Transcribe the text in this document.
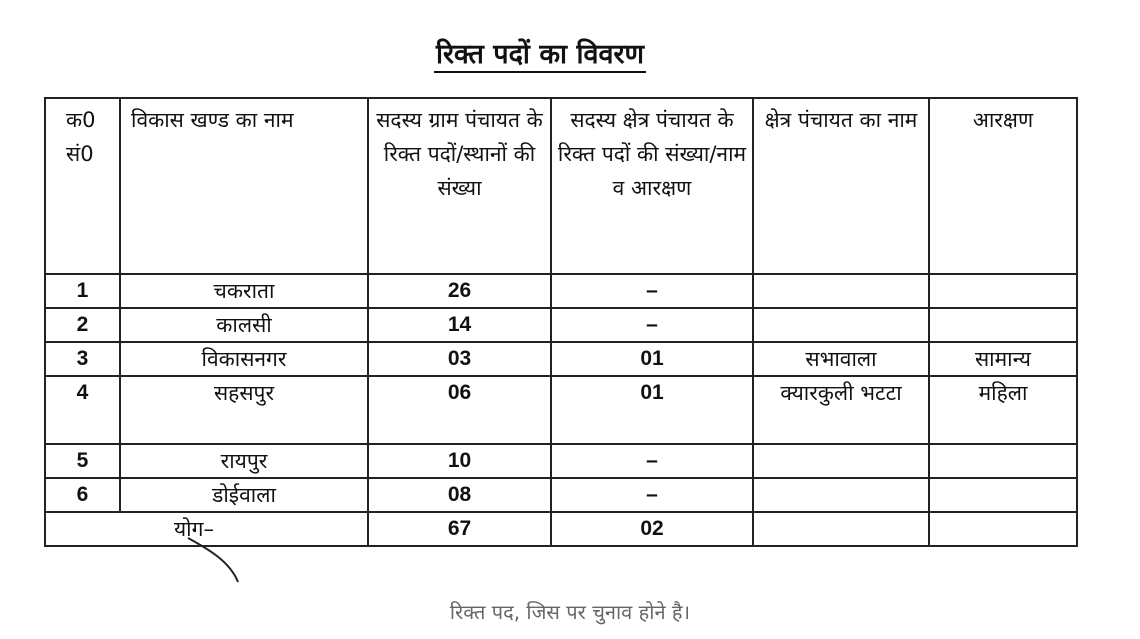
रिक्त पदों का विवरण
क0 सं0	विकास खण्ड का नाम	सदस्य ग्राम पंचायत के रिक्त पदों/स्थानों की संख्या	सदस्य क्षेत्र पंचायत के रिक्त पदों की संख्या/नाम व आरक्षण	क्षेत्र पंचायत का नाम	आरक्षण
1	चकराता	26	–		
2	कालसी	14	–		
3	विकासनगर	03	01	सभावाला	सामान्य
4	सहसपुर	06	01	क्यारकुली भटटा	महिला
5	रायपुर	10	–		
6	डोईवाला	08	–		
योग–		67	02		
रिक्त पद, जिस पर चुनाव होने है।
